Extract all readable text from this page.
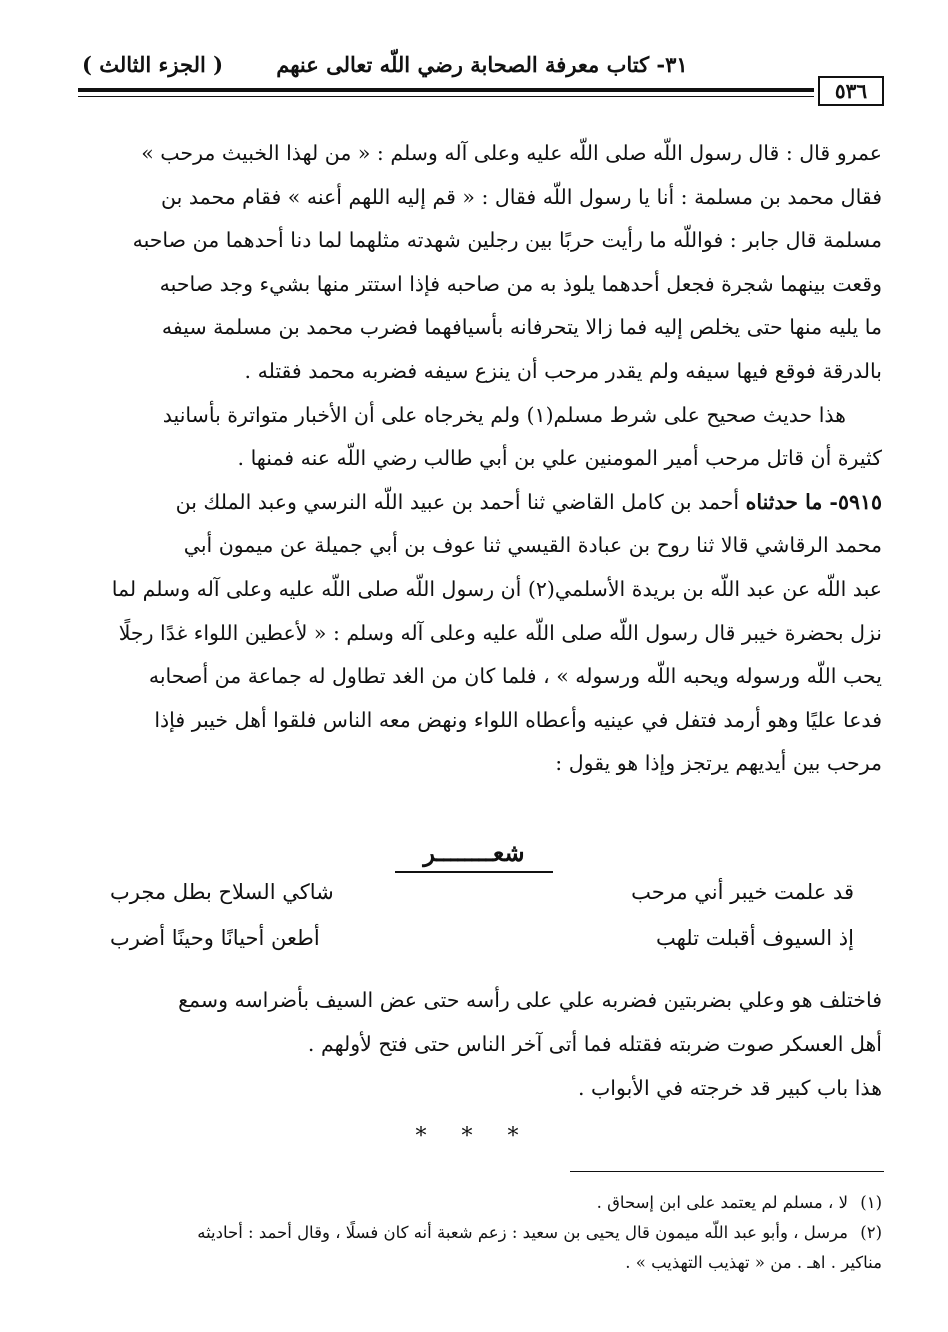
٣١- كتاب معرفة الصحابة رضي اللّه تعالى عنهم
( الجزء الثالث )
٥٣٦

عمرو قال : قال رسول اللّه صلى اللّه عليه وعلى آله وسلم : « من لهذا الخبيث مرحب »

فقال محمد بن مسلمة : أنا يا رسول اللّه فقال : « قم إليه اللهم أعنه » فقام محمد بن

مسلمة قال جابر : فواللّه ما رأيت حربًا بين رجلين شهدته مثلهما لما دنا أحدهما من صاحبه

وقعت بينهما شجرة فجعل أحدهما يلوذ به من صاحبه فإذا استتر منها بشيء وجد صاحبه

ما يليه منها حتى يخلص إليه فما زالا يتحرفانه بأسيافهما فضرب محمد بن مسلمة سيفه

بالدرقة فوقع فيها سيفه ولم يقدر مرحب أن ينزع سيفه فضربه محمد فقتله .

هذا حديث صحيح على شرط مسلم(١) ولم يخرجاه على أن الأخبار متواترة بأسانيد

كثيرة أن قاتل مرحب أمير المومنين علي بن أبي طالب رضي اللّه عنه فمنها .

٥٩١٥- ما حدثناه أحمد بن كامل القاضي ثنا أحمد بن عبيد اللّه النرسي وعبد الملك بن

محمد الرقاشي قالا ثنا روح بن عبادة القيسي ثنا عوف بن أبي جميلة عن ميمون أبي

عبد اللّه عن عبد اللّه بن بريدة الأسلمي(٢) أن رسول اللّه صلى اللّه عليه وعلى آله وسلم لما

نزل بحضرة خيبر قال رسول اللّه صلى اللّه عليه وعلى آله وسلم : « لأعطين اللواء غدًا رجلًا

يحب اللّه ورسوله ويحبه اللّه ورسوله » ، فلما كان من الغد تطاول له جماعة من أصحابه

فدعا عليًا وهو أرمد فتفل في عينيه وأعطاه اللواء ونهض معه الناس فلقوا أهل خيبر فإذا

مرحب بين أيديهم يرتجز وإذا هو يقول :

شعــــــــر
قد علمت خيبر أني مرحب
شاكي السلاح بطل مجرب
إذ السيوف أقبلت تلهب
أطعن أحيانًا وحينًا أضرب

فاختلف هو وعلي بضربتين فضربه علي على رأسه حتى عض السيف بأضراسه وسمع

أهل العسكر صوت ضربته فقتله فما أتى آخر الناس حتى فتح لأولهم .

هذا باب كبير قد خرجته في الأبواب .

* * *

(١)لا ، مسلم لم يعتمد على ابن إسحاق .

(٢)مرسل ، وأبو عبد اللّه ميمون قال يحيى بن سعيد : زعم شعبة أنه كان فسلًا ، وقال أحمد : أحاديثه

مناكير . اهـ . من « تهذيب التهذيب » .
